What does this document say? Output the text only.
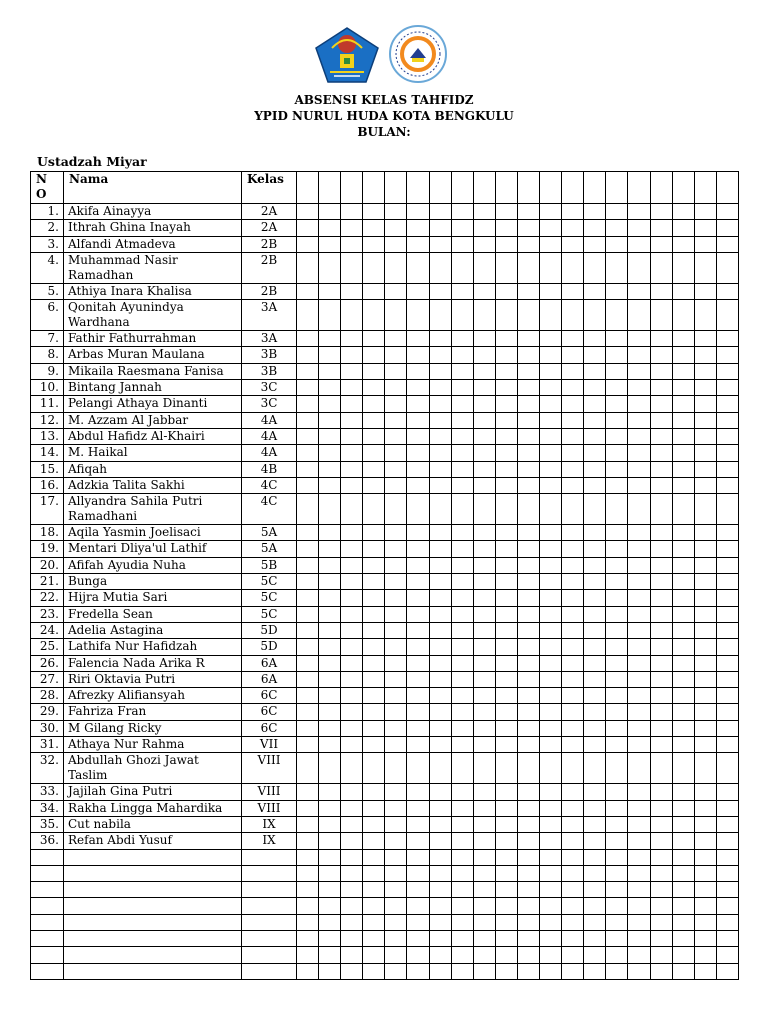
ABSENSI KELAS TAHFIDZ
YPID NURUL HUDA KOTA BENGKULU
BULAN:
Ustadzah Miyar
N O	Nama	Kelas																				
1.	Akifa Ainayya	2A																				
2.	Ithrah Ghina Inayah	2A																				
3.	Alfandi Atmadeva	2B																				
4.	Muhammad Nasir Ramadhan	2B																				
5.	Athiya Inara Khalisa	2B																				
6.	Qonitah Ayunindya Wardhana	3A																				
7.	Fathir Fathurrahman	3A																				
8.	Arbas Muran Maulana	3B																				
9.	Mikaila Raesmana Fanisa	3B																				
10.	Bintang Jannah	3C																				
11.	Pelangi Athaya Dinanti	3C																				
12.	M. Azzam Al Jabbar	4A																				
13.	Abdul Hafidz Al-Khairi	4A																				
14.	M. Haikal	4A																				
15.	Afiqah	4B																				
16.	Adzkia Talita Sakhi	4C																				
17.	Allyandra Sahila Putri Ramadhani	4C																				
18.	Aqila Yasmin Joelisaci	5A																				
19.	Mentari Dliya'ul Lathif	5A																				
20.	Afifah Ayudia Nuha	5B																				
21.	Bunga	5C																				
22.	Hijra Mutia Sari	5C																				
23.	Fredella Sean	5C																				
24.	Adelia Astagina	5D																				
25.	Lathifa Nur Hafidzah	5D																				
26.	Falencia Nada Arika R	6A																				
27.	Riri Oktavia Putri	6A																				
28.	Afrezky Alifiansyah	6C																				
29.	Fahriza Fran	6C																				
30.	M Gilang Ricky	6C																				
31.	Athaya Nur Rahma	VII																				
32.	Abdullah Ghozi Jawat Taslim	VIII																				
33.	Jajilah Gina Putri	VIII																				
34.	Rakha Lingga Mahardika	VIII																				
35.	Cut nabila	IX																				
36.	Refan Abdi Yusuf	IX																				
